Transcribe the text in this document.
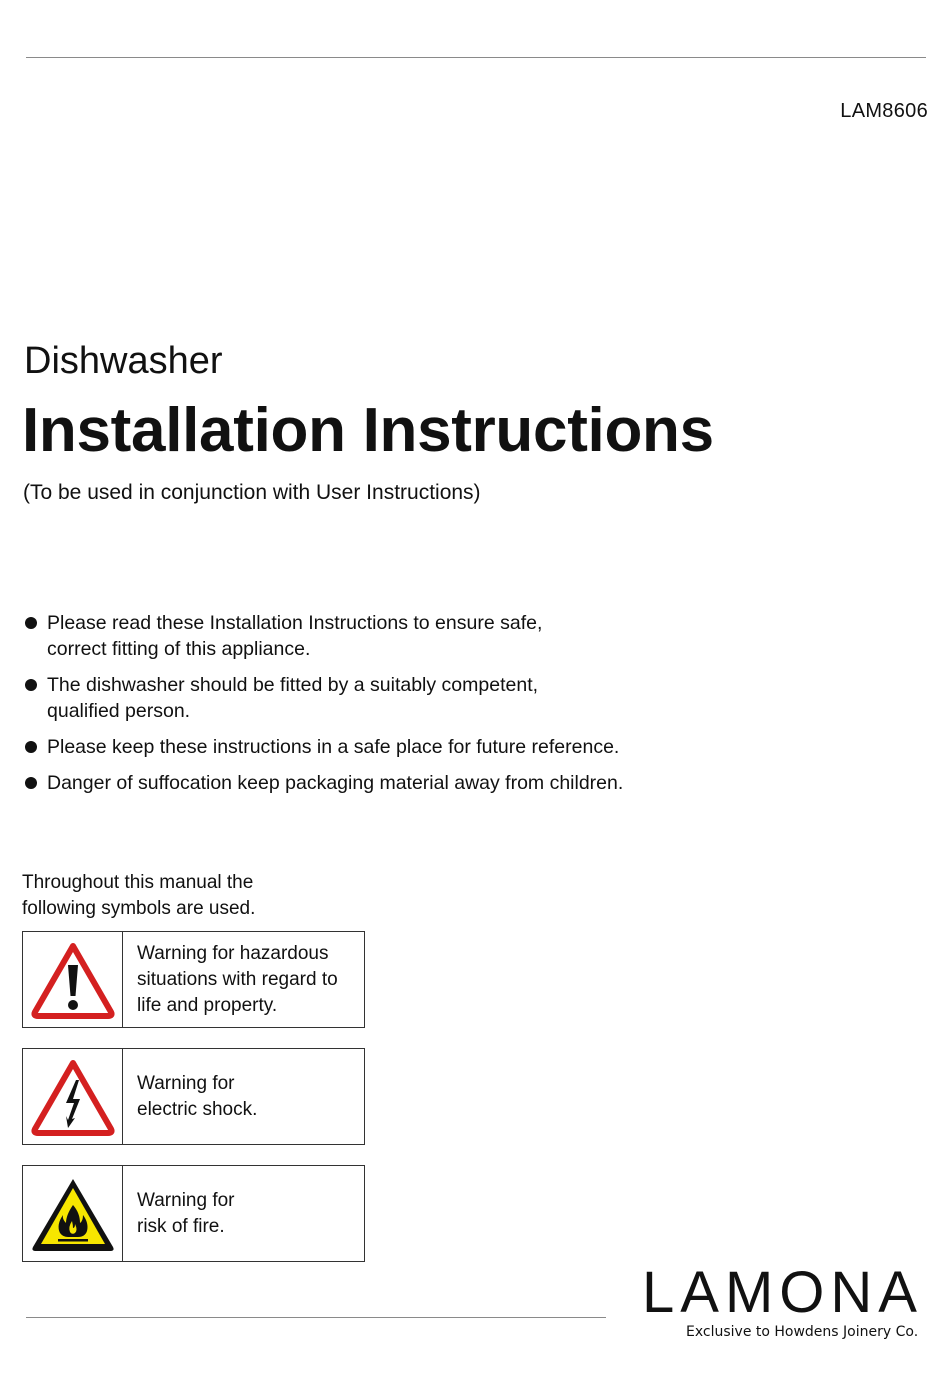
LAM8606
Dishwasher
Installation Instructions
(To be used in conjunction with User Instructions)
Please read these Installation Instructions to ensure safe,
correct fitting of this appliance.
The dishwasher should be fitted by a suitably competent,
qualified person.
Please keep these instructions in a safe place for future reference.
Danger of suffocation keep packaging material away from children.
Throughout this manual the
following symbols are used.
Warning for hazardous
situations with regard to
life and property.
Warning for
electric shock.
Warning for
risk of fire.
LAMONA
Exclusive to Howdens Joinery Co.
